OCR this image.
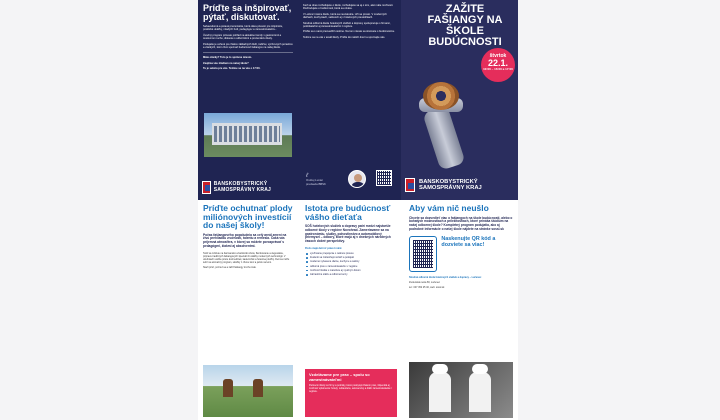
Príďte sa inšpirovať, pýtať, diskutovať.

Sebavedomá a pútavá prezentácia, ktorá dáva priestor pre inšpiráciu, praktické ukážky, mladých ľudí, pedagógov a zamestnávateľov...

Úvodný program prinesie pohľad na aktuálne trendy v gastronómii a cestovnom ruchu, diskusie s odborníkmi a prezentáciu školy.

Podujatie je určené pre žiakov základných škôl, rodičov, výchovných poradcov a všetkých, ktorí chcú spoznať budúcnosť fašiangov na našej škole.

Máte otázky? Toto je to správne miesto.

Zaujíma vás štúdium na našej škole?

Tu je sekcia pre vás. Tešíme sa na vás o 17:00.

BANSKOBYSTRICKÝ SAMOSPRÁVNY KRAJ

Keď sa dnes rozhodujete o škole, rozhodujete sa aj o tom, aké máte možnosti. Rozhodujete o budúcnosti, ktorá sa otvára.

V Lučenci máme školu, ktorá sa neuzatvára. Učí sa prosto. V moderných dielňach, kuchyniach, salónoch aj v hotelových prevádzkach.

Stredná odborná škola hotelových služieb a dopravy spolupracuje s firmami, podnikateľmi aj zamestnávateľmi z regiónu.

Príďte sa s nami presvedčiť osobne. Na tom mieste sa stretnete s budúcnosťou.

Tešíme sa na vás v areáli školy. Príďte do našich dverí a spoznajte nás.

ℓ
Ondrej Lunter
predseda BBSK
ZAŽITE FAŠIANGY NA ŠKOLE BUDÚCNOSTI
štvrtok
22.1.
10:00 – 16:00 a 17:00
BANSKOBYSTRICKÝ SAMOSPRÁVNY KRAJ
Príďte ochutnať plody miliónových investícií do našej školy!

Počas fašiangového popoludnia sa celý areál zmení na živú prehliadku zručností, talentu a remesla. Čaká vás príjemná atmosféra, v ktorej sa môžete porozprávať s pedagógmi, žiakmi aj absolventmi.

Tešiť sa môžete na barmanskú a baristickú show, flambovanie a degustácie, prípravu tradičných fašiangových špecialít či ukážky moderných technológií. V učebniach uvidíte prácu kozmetičiek, kaderníčok a hotelovej služby. Deti sa môžu tešiť na animačný program, ukážky z chovu koní a jazdu na koni.

Stačí prísť, pozrieť sa a zažiť fašiangy trochu inak.

Istota pre budúcnosť vášho dieťaťa

SOŠ hotelových služieb a dopravy patrí medzi najstaršie odborné školy v regióne Novohrad. Zameriavame sa na gastronómiu, služby, pohostinstvo a automobilový priemysel – odbory, ktoré majú aj v dnešných náročných časoch dobré perspektívy.

Prečo majú deti ísť práve k nám:

využívame prepojenie s reálnou praxou
študenti sa zúčastňujú súťaží a podujatí
moderné vybavené dielne, kuchyne a salóny
odborná prax u zamestnávateľov v regióne
možnosť štúdia s maturitou aj výučným listom
zahraničné stáže a odborné kurzy
Vzdelávame pre prax – spolu so zamestnávateľmi
Partnermi školy sú firmy a podniky, ktoré poskytujú žiakom prax, štipendiá aj možnosť uplatnenia: hotely, reštaurácie, autoservisy a ďalší zamestnávatelia z regiónu.
Aby vám nič neušlo

Chcete sa dozvedieť viac o fašiangoch na škole budúcnosti, alebo o bohatých možnostiach a príležitostiach, ktoré prináša štúdium na našej odbornej škole? Kompletný program podujatia, ako aj podrobné informácie o našej škole nájdete na stránke sossl.sk

Naskenujte QR kód a dozviete sa viac!

Stredná odborná škola hotelových služieb a dopravy – Lučenec

Zvolenská cesta 83, Lučenec

tel.: 047 452 25 40, web: sossl.sk
